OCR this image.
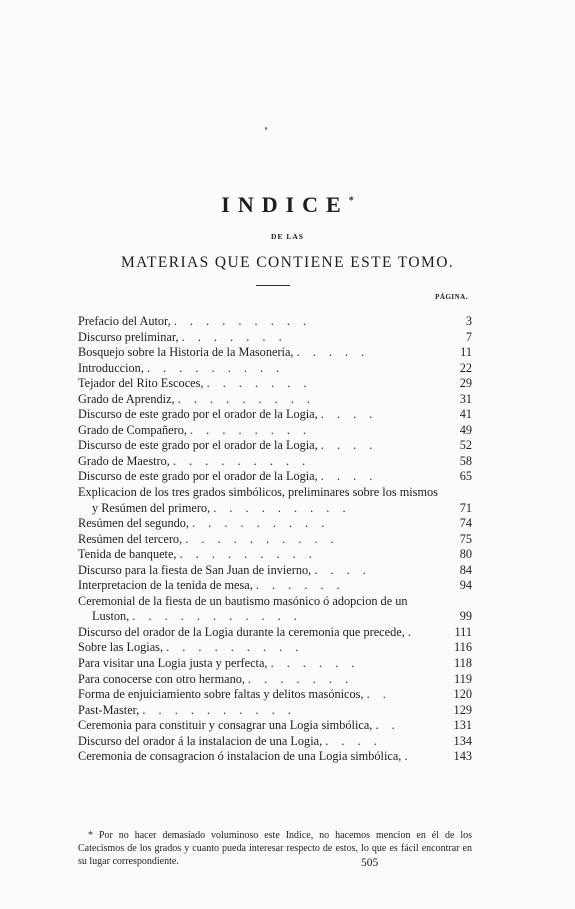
INDICE*
DE LAS
MATERIAS QUE CONTIENE ESTE TOMO.
PÁGINA.
Prefacio del Autor, . . . . . . . . .	3
Discurso preliminar, . . . . . . .	7
Bosquejo sobre la Historia de la Masonería, . . . . .	11
Introduccion, . . . . . . . . .	22
Tejador del Rito Escoces, . . . . . . .	29
Grado de Aprendiz, . . . . . . . . .	31
Discurso de este grado por el orador de la Logia, . . . .	41
Grado de Compañero, . . . . . . . .	49
Discurso de este grado por el orador de la Logia, . . . .	52
Grado de Maestro, . . . . . . . . .	58
Discurso de este grado por el orador de la Logia, . . . .	65
Explicacion de los tres grados simbólicos, preliminares sobre los mismos
y Resúmen del primero, . . . . . . . . .	71
Resúmen del segundo, . . . . . . . . .	74
Resúmen del tercero, . . . . . . . . . .	75
Tenida de banquete, . . . . . . . . .	80
Discurso para la fiesta de San Juan de invierno, . . . .	84
Interpretacion de la tenida de mesa, . . . . . .	94
Ceremonial de la fiesta de un bautismo masónico ó adopcion de un
Luston, . . . . . . . . . . .	99
Discurso del orador de la Logia durante la ceremonia que precede, .	111
Sobre las Logias, . . . . . . . . .	116
Para visitar una Logia justa y perfecta, . . . . . .	118
Para conocerse con otro hermano, . . . . . . .	119
Forma de enjuiciamiento sobre faltas y delitos masónicos, . .	120
Past-Master, . . . . . . . . . .	129
Ceremonia para constituir y consagrar una Logia simbólica, . .	131
Discurso del orador á la instalacion de una Logia, . . . .	134
Ceremonia de consagracion ó instalacion de una Logia simbólica, .	143
* Por no hacer demasiado voluminoso este Indice, no hacemos mencion en él de los Catecismos de los grados y cuanto pueda interesar respecto de estos, lo que es fácil encontrar en su lugar correspondiente.	505
